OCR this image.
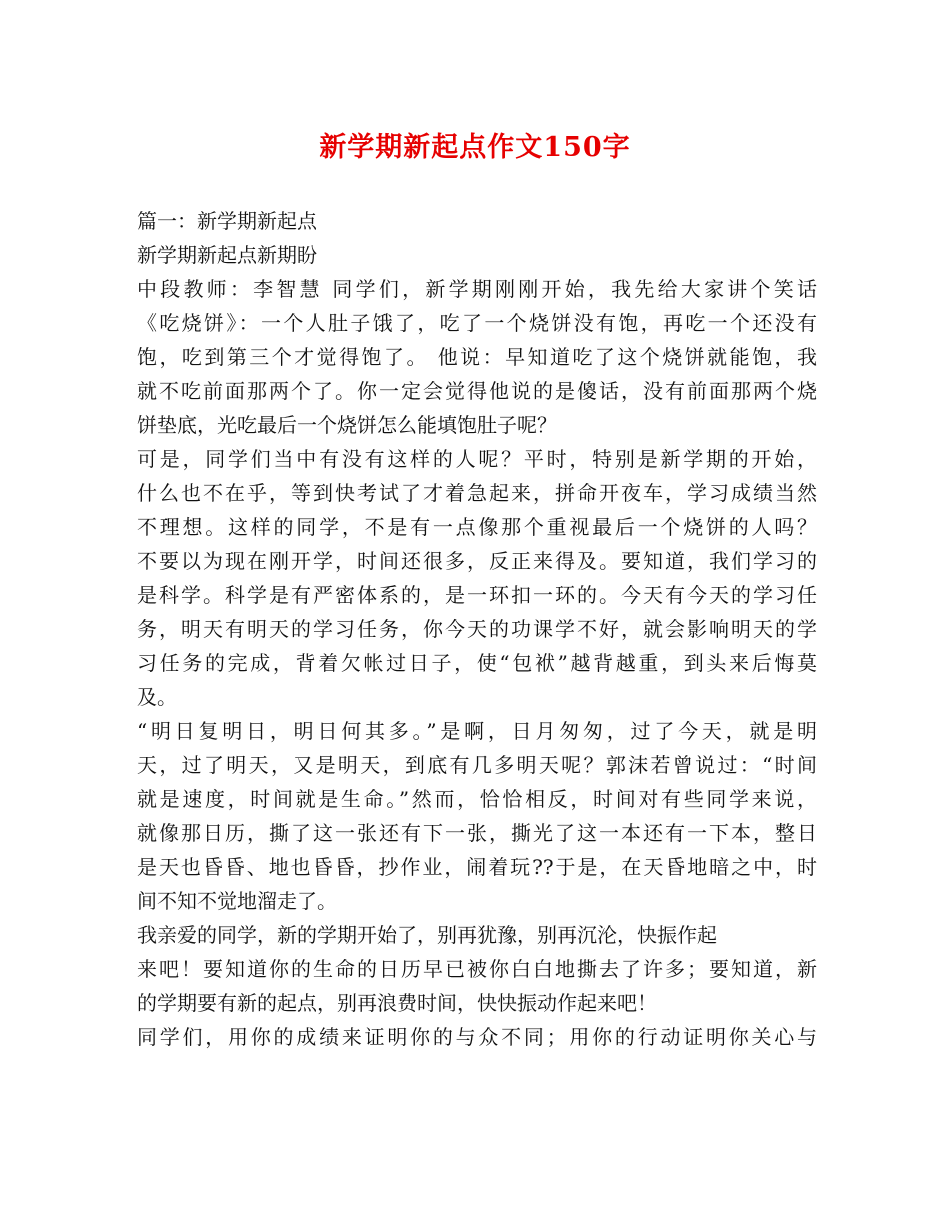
新学期新起点作文150字
篇一：新学期新起点
新学期新起点新期盼
中段教师：李智慧 同学们，新学期刚刚开始，我先给大家讲个笑话
《吃烧饼》：一个人肚子饿了，吃了一个烧饼没有饱，再吃一个还没有
饱，吃到第三个才觉得饱了。 他说：早知道吃了这个烧饼就能饱，我
就不吃前面那两个了。你一定会觉得他说的是傻话，没有前面那两个烧
饼垫底，光吃最后一个烧饼怎么能填饱肚子呢？
可是，同学们当中有没有这样的人呢？平时，特别是新学期的开始，
什么也不在乎，等到快考试了才着急起来，拼命开夜车，学习成绩当然
不理想。这样的同学，不是有一点像那个重视最后一个烧饼的人吗？
不要以为现在刚开学，时间还很多，反正来得及。要知道，我们学习的
是科学。科学是有严密体系的，是一环扣一环的。今天有今天的学习任
务，明天有明天的学习任务，你今天的功课学不好，就会影响明天的学
习任务的完成，背着欠帐过日子，使“包袱”越背越重，到头来后悔莫
及。
“明日复明日，明日何其多。”是啊，日月匆匆，过了今天，就是明
天，过了明天，又是明天，到底有几多明天呢？郭沫若曾说过：“时间
就是速度，时间就是生命。”然而，恰恰相反，时间对有些同学来说，
就像那日历，撕了这一张还有下一张，撕光了这一本还有一下本，整日
是天也昏昏、地也昏昏，抄作业，闹着玩??于是，在天昏地暗之中，时
间不知不觉地溜走了。
我亲爱的同学，新的学期开始了，别再犹豫，别再沉沦，快振作起
来吧！要知道你的生命的日历早已被你白白地撕去了许多；要知道，新
的学期要有新的起点，别再浪费时间，快快振动作起来吧！
同学们，用你的成绩来证明你的与众不同；用你的行动证明你关心与
